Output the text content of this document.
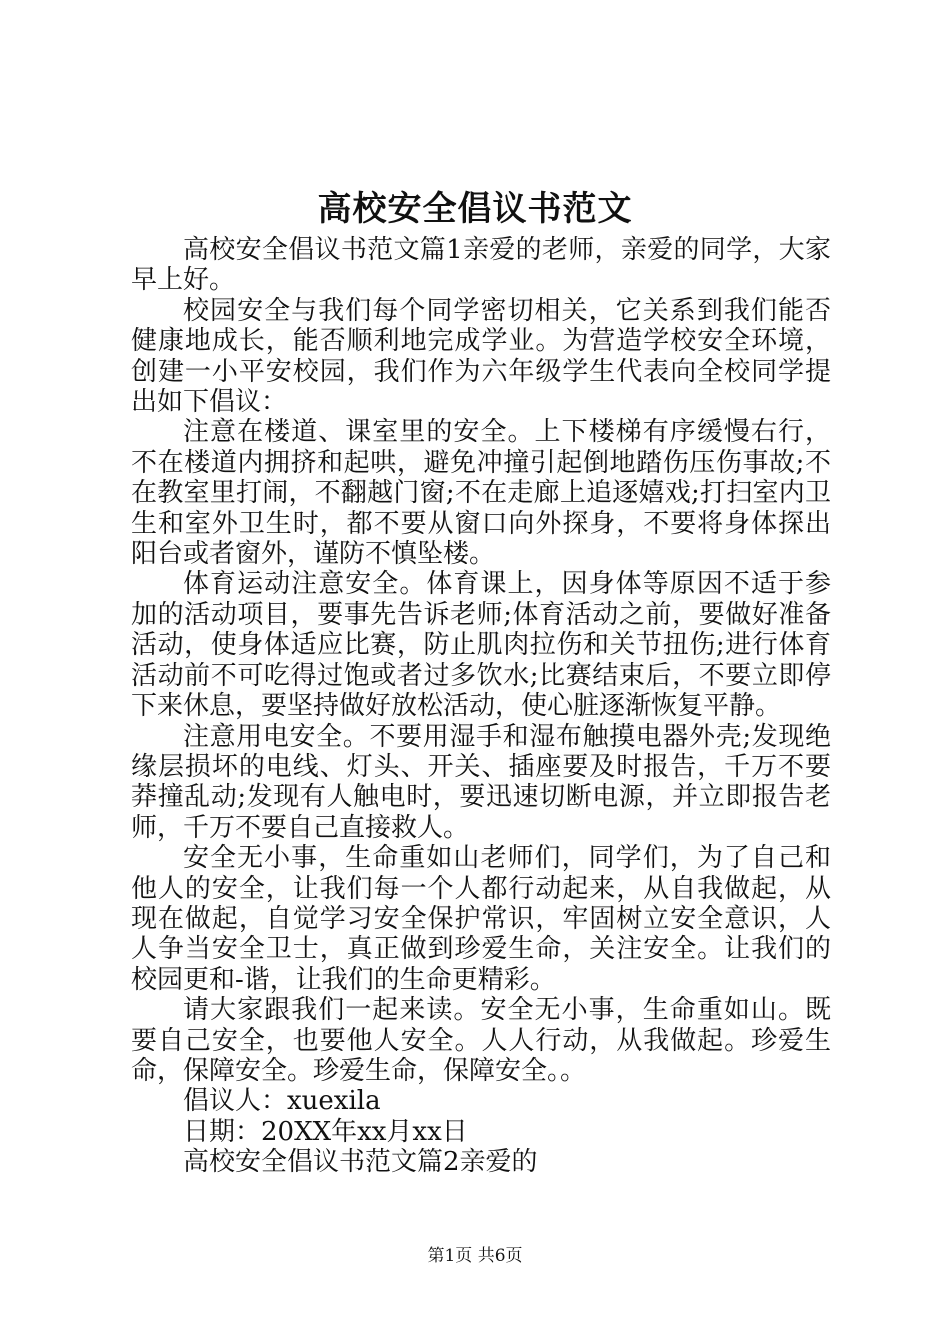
高校安全倡议书范文

高校安全倡议书范文篇1亲爱的老师，亲爱的同学，大家早上好。

校园安全与我们每个同学密切相关，它关系到我们能否健康地成长，能否顺利地完成学业。为营造学校安全环境，创建一小平安校园，我们作为六年级学生代表向全校同学提出如下倡议：

注意在楼道、课室里的安全。上下楼梯有序缓慢右行，不在楼道内拥挤和起哄，避免冲撞引起倒地踏伤压伤事故;不在教室里打闹，不翻越门窗;不在走廊上追逐嬉戏;打扫室内卫生和室外卫生时，都不要从窗口向外探身，不要将身体探出阳台或者窗外，谨防不慎坠楼。

体育运动注意安全。体育课上，因身体等原因不适于参加的活动项目，要事先告诉老师;体育活动之前，要做好准备活动，使身体适应比赛，防止肌肉拉伤和关节扭伤;进行体育活动前不可吃得过饱或者过多饮水;比赛结束后，不要立即停下来休息，要坚持做好放松活动，使心脏逐渐恢复平静。

注意用电安全。不要用湿手和湿布触摸电器外壳;发现绝缘层损坏的电线、灯头、开关、插座要及时报告，千万不要莽撞乱动;发现有人触电时，要迅速切断电源，并立即报告老师，千万不要自己直接救人。

安全无小事，生命重如山老师们，同学们，为了自己和他人的安全，让我们每一个人都行动起来，从自我做起，从现在做起，自觉学习安全保护常识，牢固树立安全意识，人人争当安全卫士，真正做到珍爱生命，关注安全。让我们的校园更和-谐，让我们的生命更精彩。

请大家跟我们一起来读。安全无小事，生命重如山。既要自己安全，也要他人安全。人人行动，从我做起。珍爱生命，保障安全。珍爱生命，保障安全。。

倡议人：xuexila

日期：20XX年xx月xx日

高校安全倡议书范文篇2亲爱的

第1页 共6页
